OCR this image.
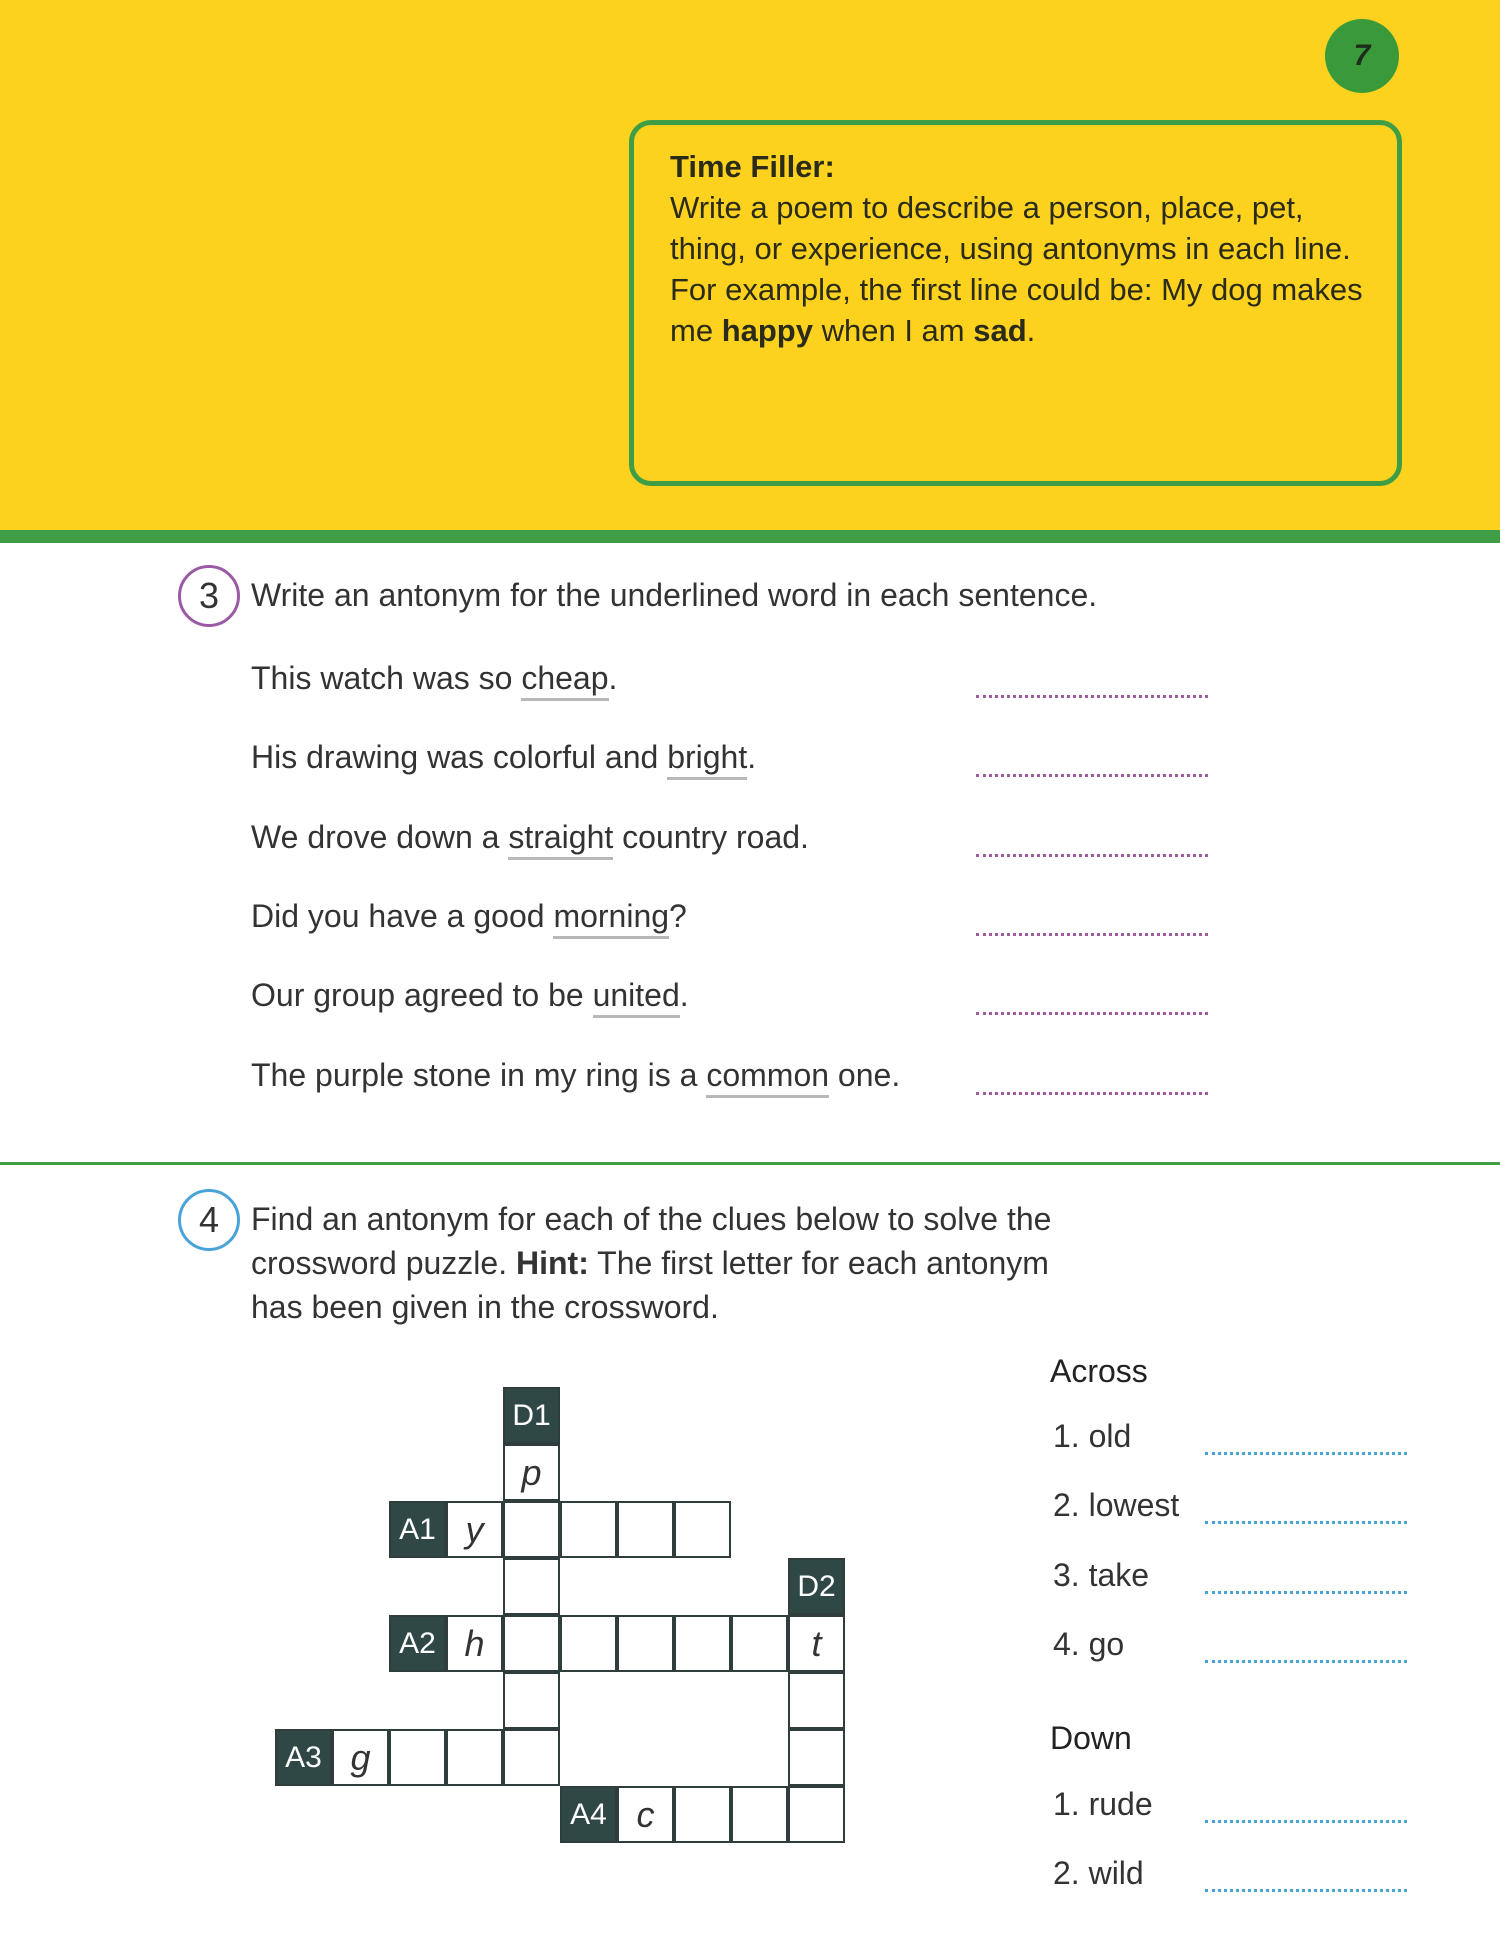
7
Time Filler:
Write a poem to describe a person, place, pet, thing, or experience, using antonyms in each line. For example, the first line could be: My dog makes me happy when I am sad.
3 Write an antonym for the underlined word in each sentence.
This watch was so cheap.
His drawing was colorful and bright.
We drove down a straight country road.
Did you have a good morning?
Our group agreed to be united.
The purple stone in my ring is a common one.
4 Find an antonym for each of the clues below to solve the
crossword puzzle. Hint: The first letter for each antonym
has been given in the crossword.
D1
p
A1 y
D2
A2 h	t
A3 g
A4 c
Across
Down
1. old
2. lowest
3. take
4. go
1. rude
2. wild
